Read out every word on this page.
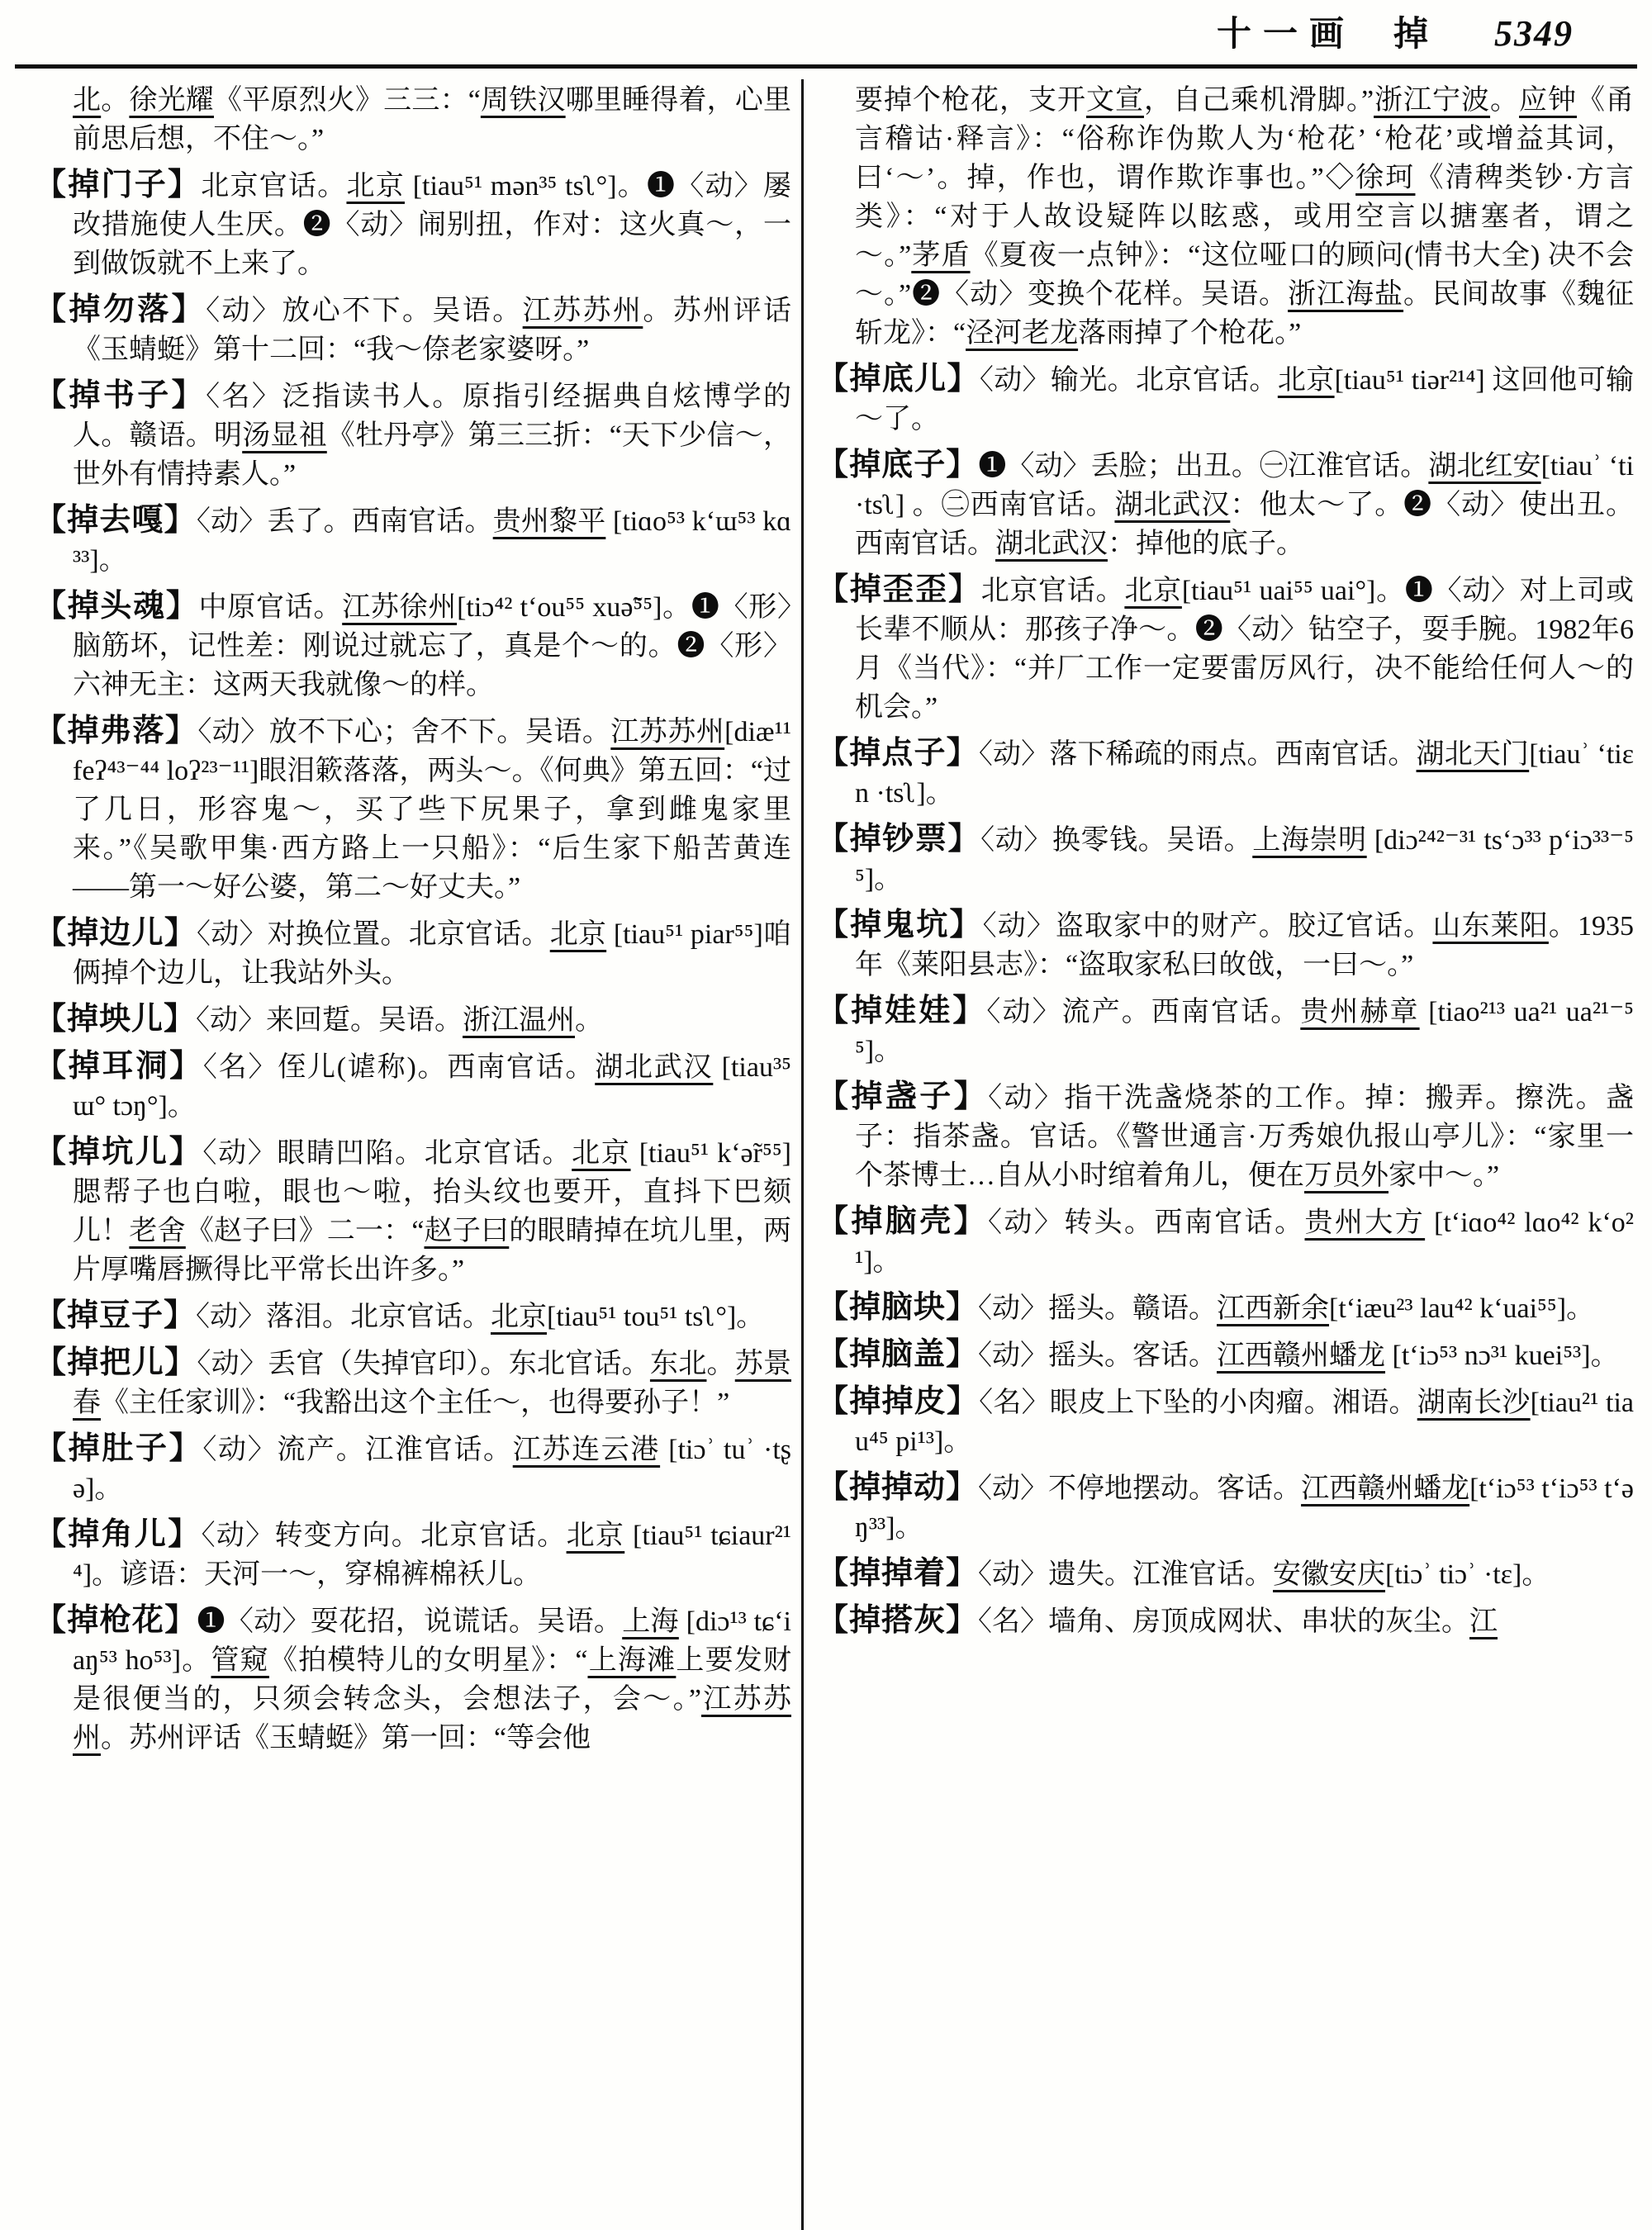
十一画 掉 5349

北。徐光耀《平原烈火》三三：“周铁汉哪里睡得着，心里前思后想，不住～。”

【掉门子】北京官话。北京 [tiau⁵¹ mən³⁵ tsʅ°]。❶〈动〉屡改措施使人生厌。❷〈动〉闹别扭，作对：这火真～，一到做饭就不上来了。

【掉勿落】〈动〉放心不下。吴语。江苏苏州。苏州评话《玉蜻蜓》第十二回：“我～倷老家婆呀。”

【掉书子】〈名〉泛指读书人。原指引经据典自炫博学的人。赣语。明汤显祖《牡丹亭》第三三折：“天下少信～，世外有情持素人。”

【掉去嘎】〈动〉丢了。西南官话。贵州黎平 [tiɑo⁵³ kʻɯ⁵³ kɑ³³]。

【掉头魂】中原官话。江苏徐州[tiɔ⁴² tʻou⁵⁵ xuə̃⁵⁵]。❶〈形〉脑筋坏，记性差：刚说过就忘了，真是个～的。❷〈形〉六神无主：这两天我就像～的样。

【掉弗落】〈动〉放不下心；舍不下。吴语。江苏苏州[diæ¹¹ feʔ⁴³⁻⁴⁴ loʔ²³⁻¹¹]眼泪簌落落，两头～。《何典》第五回：“过了几日，形容鬼～，买了些下尻果子，拿到雌鬼家里来。”《吴歌甲集·西方路上一只船》：“后生家下船苦黄连——第一～好公婆，第二～好丈夫。”

【掉边儿】〈动〉对换位置。北京官话。北京 [tiau⁵¹ piar⁵⁵]咱俩掉个边儿，让我站外头。

【掉坱儿】〈动〉来回踅。吴语。浙江温州。

【掉耳洞】〈名〉侄儿(谑称)。西南官话。湖北武汉 [tiau³⁵ ɯ° tɔŋ°]。

【掉坑儿】〈动〉眼睛凹陷。北京官话。北京 [tiau⁵¹ kʻə̃r⁵⁵] 腮帮子也白啦，眼也～啦，抬头纹也要开，直抖下巴颏儿！老舍《赵子曰》二一：“赵子曰的眼睛掉在坑儿里，两片厚嘴唇撅得比平常长出许多。”

【掉豆子】〈动〉落泪。北京官话。北京[tiau⁵¹ tou⁵¹ tsʅ°]。

【掉把儿】〈动〉丢官（失掉官印）。东北官话。东北。苏景春《主任家训》：“我豁出这个主任～，也得要孙子！”

【掉肚子】〈动〉流产。江淮官话。江苏连云港 [tiɔʾ tuʾ ·tʂə]。

【掉角儿】〈动〉转变方向。北京官话。北京 [tiau⁵¹ tɕiaur²¹⁴]。谚语：天河一～，穿棉裤棉袄儿。

【掉枪花】❶〈动〉耍花招，说谎话。吴语。上海 [diɔ¹³ tɕʻiaŋ⁵³ ho⁵³]。管窥《拍模特儿的女明星》：“上海滩上要发财是很便当的，只须会转念头，会想法子，会～。”江苏苏州。苏州评话《玉蜻蜓》第一回：“等会他

要掉个枪花，支开文宣，自己乘机滑脚。”浙江宁波。应钟《甬言稽诂·释言》：“俗称诈伪欺人为‘枪花’ ‘枪花’或增益其词，曰‘～’。掉，作也，谓作欺诈事也。”◇徐珂《清稗类钞·方言类》：“对于人故设疑阵以眩惑，或用空言以搪塞者，谓之～。”茅盾《夏夜一点钟》：“这位哑口的顾问(情书大全) 决不会～。”❷〈动〉变换个花样。吴语。浙江海盐。民间故事《魏征斩龙》：“泾河老龙落雨掉了个枪花。”

【掉底儿】〈动〉输光。北京官话。北京[tiau⁵¹ tiər²¹⁴] 这回他可输～了。

【掉底子】❶〈动〉丢脸；出丑。㊀江淮官话。湖北红安[tiauʾ ʻti ·tsʅ] 。㊁西南官话。湖北武汉：他太～了。❷〈动〉使出丑。西南官话。湖北武汉：掉他的底子。

【掉歪歪】北京官话。北京[tiau⁵¹ uai⁵⁵ uai°]。❶〈动〉对上司或长辈不顺从：那孩子净～。❷〈动〉钻空子，耍手腕。1982年6月《当代》：“并厂工作一定要雷厉风行，决不能给任何人～的机会。”

【掉点子】〈动〉落下稀疏的雨点。西南官话。湖北天门[tiauʾ ʻtiɛn ·tsʅ]。

【掉钞票】〈动〉换零钱。吴语。上海崇明 [diɔ²⁴²⁻³¹ tsʻɔ³³ pʻiɔ³³⁻⁵⁵]。

【掉鬼坑】〈动〉盗取家中的财产。胶辽官话。山东莱阳。1935年《莱阳县志》：“盗取家私曰敀戗，一曰～。”

【掉娃娃】〈动〉流产。西南官话。贵州赫章 [tiao²¹³ ua²¹ ua²¹⁻⁵⁵]。

【掉盏子】〈动〉指干洗盏烧茶的工作。掉：搬弄。擦洗。盏子：指茶盏。官话。《警世通言·万秀娘仇报山亭儿》：“家里一个茶博士…自从小时绾着角儿，便在万员外家中～。”

【掉脑壳】〈动〉转头。西南官话。贵州大方 [tʻiɑo⁴² lɑo⁴² kʻo²¹]。

【掉脑块】〈动〉摇头。赣语。江西新余[tʻiæu²³ lau⁴² kʻuai⁵⁵]。

【掉脑盖】〈动〉摇头。客话。江西赣州蟠龙 [tʻiɔ⁵³ nɔ³¹ kuei⁵³]。

【掉掉皮】〈名〉眼皮上下坠的小肉瘤。湘语。湖南长沙[tiau²¹ tiau⁴⁵ pi¹³]。

【掉掉动】〈动〉不停地摆动。客话。江西赣州蟠龙[tʻiɔ⁵³ tʻiɔ⁵³ tʻəŋ³³]。

【掉掉着】〈动〉遗失。江淮官话。安徽安庆[tiɔʾ tiɔʾ ·tɛ]。

【掉搭灰】〈名〉墙角、房顶成网状、串状的灰尘。江
